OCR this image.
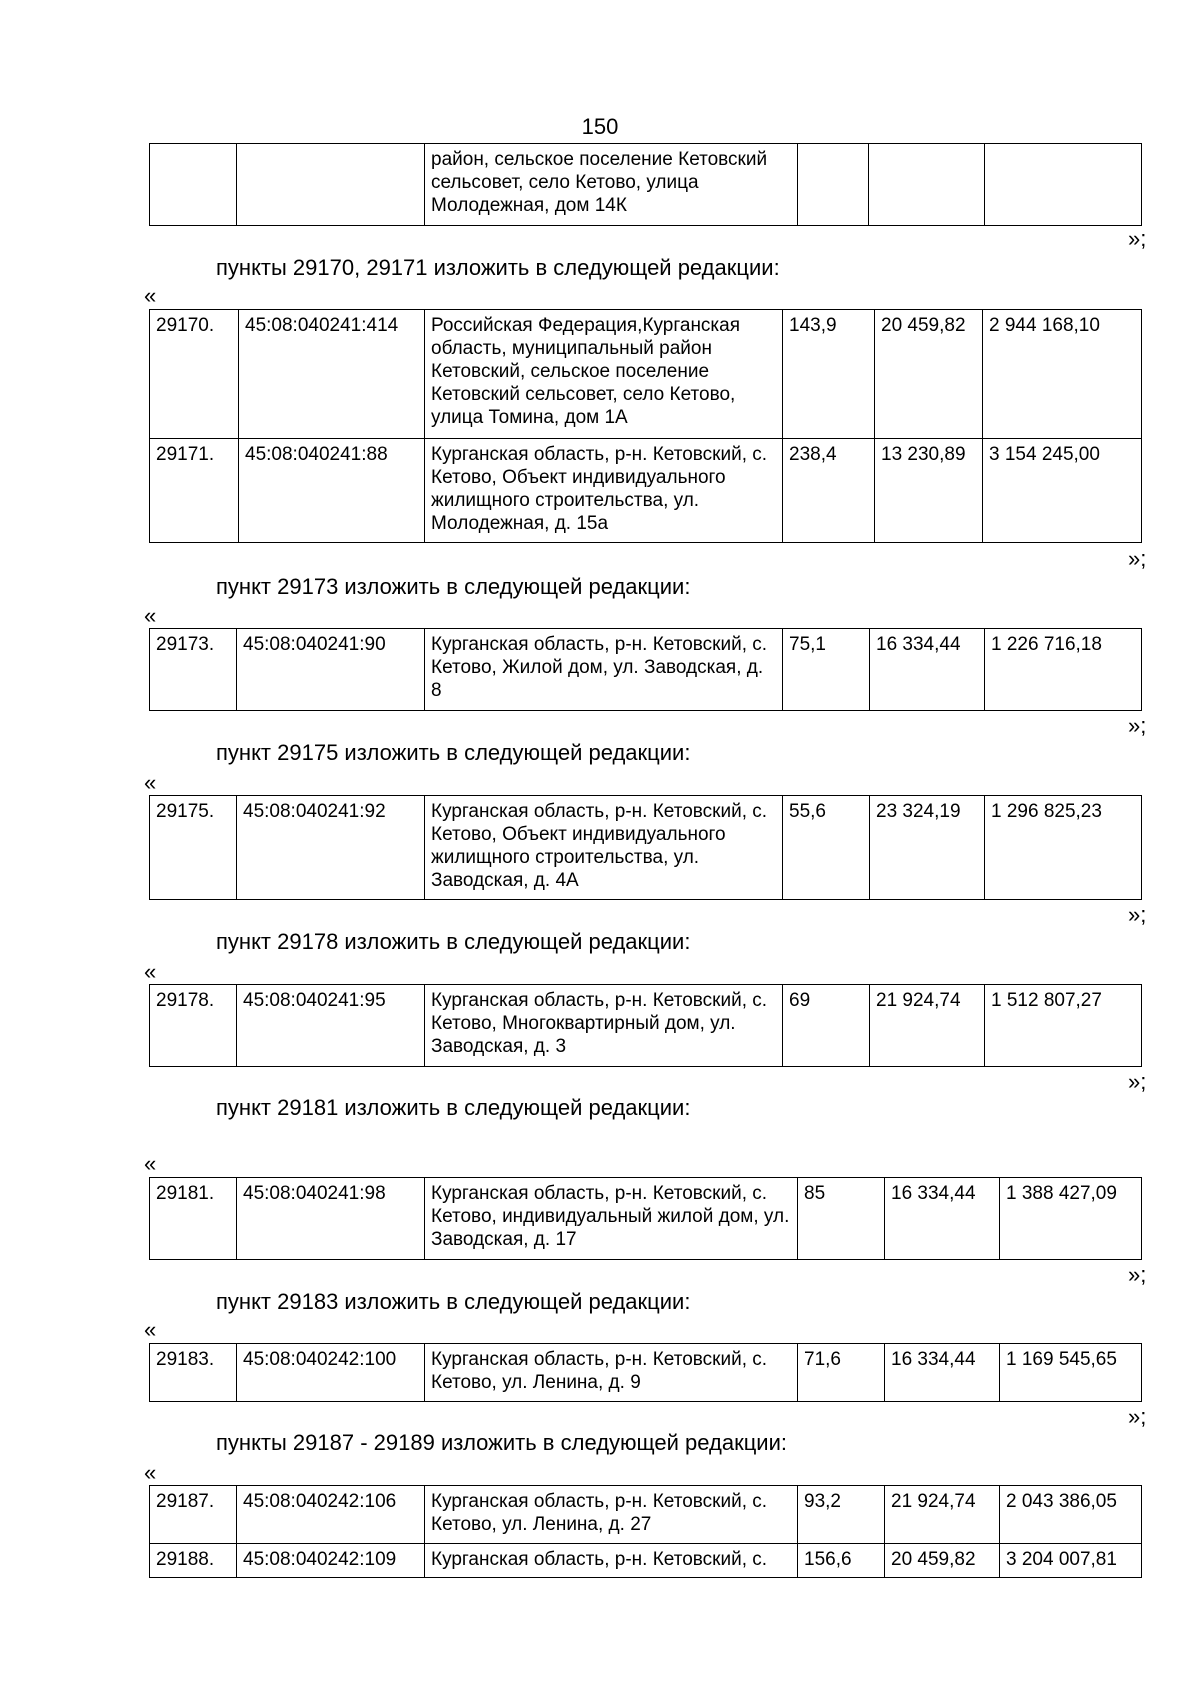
150
		район, сельское поселение Кетовский сельсовет, село Кетово, улица Молодежная, дом 14К			
»;
пункты 29170, 29171 изложить в следующей редакции:
«
29170.	45:08:040241:414	Российская Федерация,Курганская область, муниципальный район Кетовский, сельское поселение Кетовский сельсовет, село Кетово, улица Томина, дом 1А	143,9	20 459,82	2 944 168,10
29171.	45:08:040241:88	Курганская область, р-н. Кетовский, с. Кетово, Объект индивидуального жилищного строительства, ул. Молодежная, д. 15а	238,4	13 230,89	3 154 245,00
»;
пункт 29173 изложить в следующей редакции:
«
29173.	45:08:040241:90	Курганская область, р-н. Кетовский, с. Кетово, Жилой дом, ул. Заводская, д. 8	75,1	16 334,44	1 226 716,18
»;
пункт 29175 изложить в следующей редакции:
«
29175.	45:08:040241:92	Курганская область, р-н. Кетовский, с. Кетово, Объект индивидуального жилищного строительства, ул. Заводская, д. 4А	55,6	23 324,19	1 296 825,23
»;
пункт 29178 изложить в следующей редакции:
«
29178.	45:08:040241:95	Курганская область, р-н. Кетовский, с. Кетово, Многоквартирный дом, ул. Заводская, д. 3	69	21 924,74	1 512 807,27
»;
пункт 29181 изложить в следующей редакции:
«
29181.	45:08:040241:98	Курганская область, р-н. Кетовский, с. Кетово, индивидуальный жилой дом, ул. Заводская, д. 17	85	16 334,44	1 388 427,09
»;
пункт 29183 изложить в следующей редакции:
«
29183.	45:08:040242:100	Курганская область, р-н. Кетовский, с. Кетово, ул. Ленина, д. 9	71,6	16 334,44	1 169 545,65
»;
пункты 29187 - 29189 изложить в следующей редакции:
«
29187.	45:08:040242:106	Курганская область, р-н. Кетовский, с. Кетово, ул. Ленина, д. 27	93,2	21 924,74	2 043 386,05
29188.	45:08:040242:109	Курганская область, р-н. Кетовский, с.	156,6	20 459,82	3 204 007,81
